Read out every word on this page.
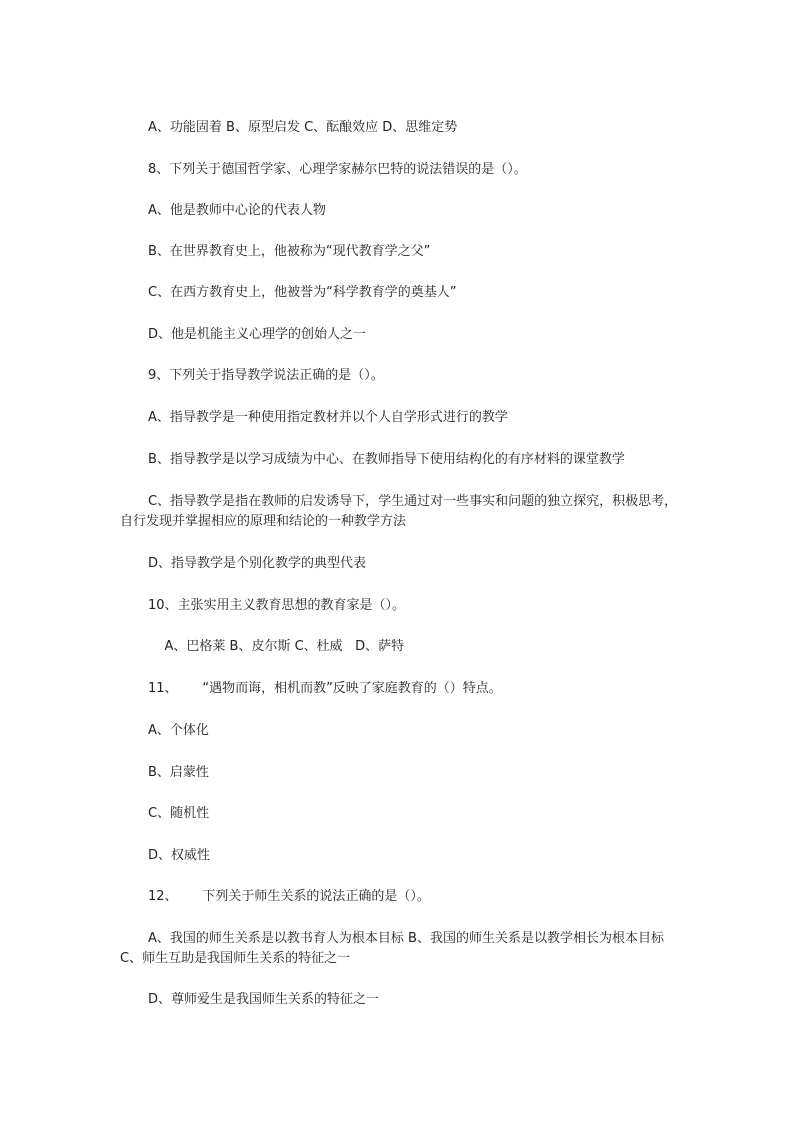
A、功能固着 B、原型启发 C、酝酿效应 D、思维定势

8、下列关于德国哲学家、心理学家赫尔巴特的说法错误的是（）。

A、他是教师中心论的代表人物

B、在世界教育史上，他被称为“现代教育学之父”

C、在西方教育史上，他被誉为“科学教育学的奠基人”

D、他是机能主义心理学的创始人之一

9、下列关于指导教学说法正确的是（）。

A、指导教学是一种使用指定教材并以个人自学形式进行的教学

B、指导教学是以学习成绩为中心、在教师指导下使用结构化的有序材料的课堂教学

C、指导教学是指在教师的启发诱导下，学生通过对一些事实和问题的独立探究，积极思考，自行发现并掌握相应的原理和结论的一种教学方法

D、指导教学是个别化教学的典型代表

10、主张实用主义教育思想的教育家是（）。

A、巴格莱 B、皮尔斯 C、杜威   D、萨特

11、      “遇物而诲，相机而教”反映了家庭教育的（）特点。

A、个体化

B、启蒙性

C、随机性

D、权威性

12、      下列关于师生关系的说法正确的是（）。

A、我国的师生关系是以教书育人为根本目标 B、我国的师生关系是以教学相长为根本目标 C、师生互助是我国师生关系的特征之一

D、尊师爱生是我国师生关系的特征之一
